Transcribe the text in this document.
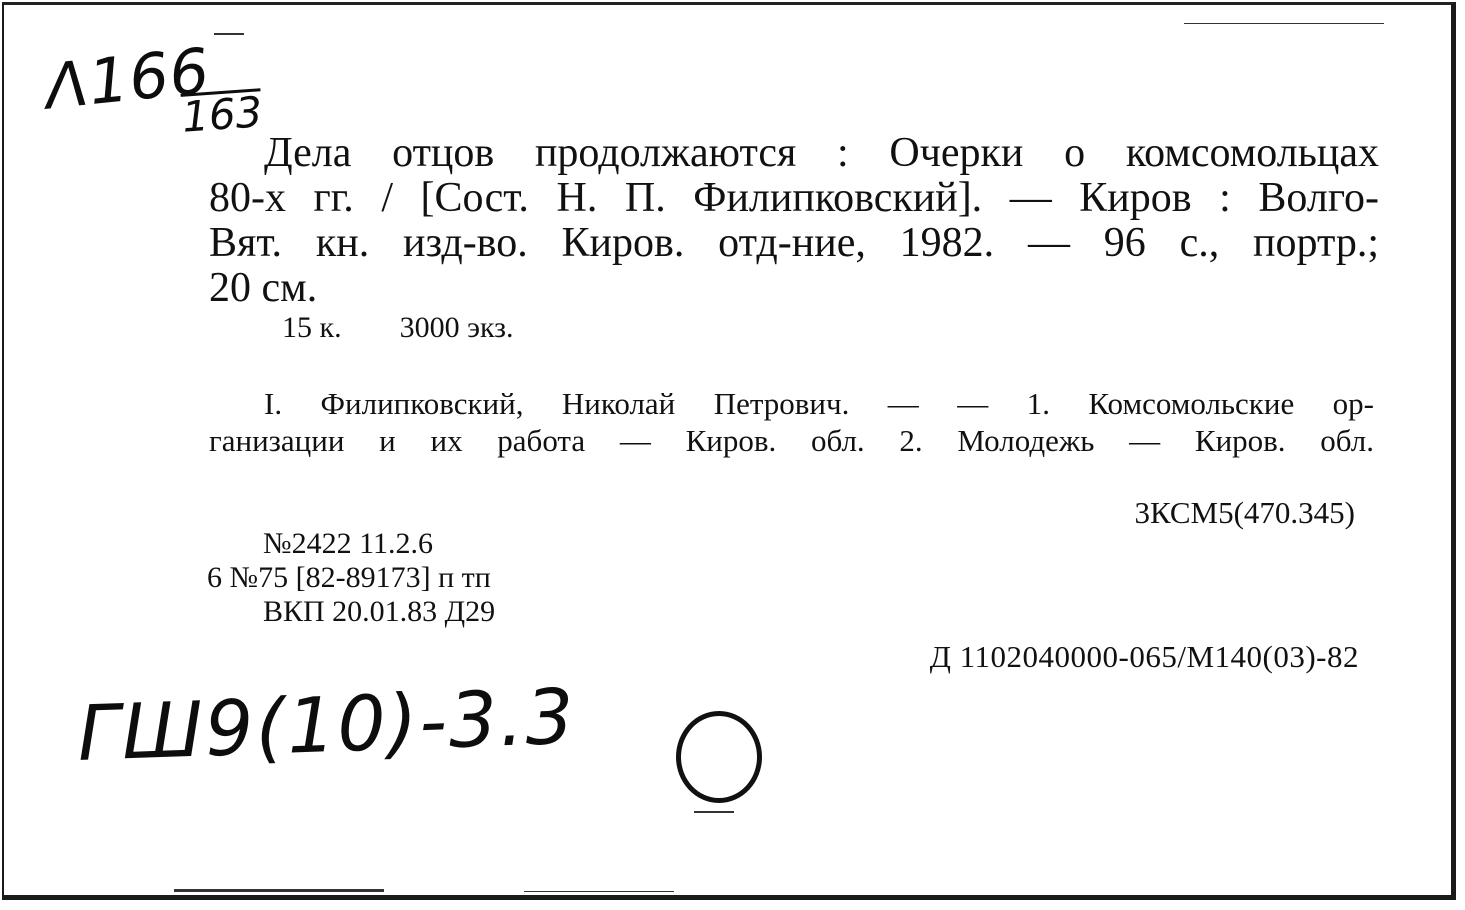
Λ166
163
Дела отцов продолжаются : Очерки о комсомольцах
80-х гг. / [Сост. Н. П. Филипковский]. — Киров : Волго-
Вят. кн. изд-во. Киров. отд-ние, 1982. — 96 с., портр.;
20 см.
15 к. 3000 экз.
I. Филипковский, Николай Петрович. — — 1. Комсомольские ор-
ганизации и их работа — Киров. обл. 2. Молодежь — Киров. обл.
3КСМ5(470.345)
№2422 11.2.6
6 №75 [82-89173] п тп
ВКП 20.01.83 Д29
Д 1102040000-065/М140(03)-82
ГШ9(10)-3.3
